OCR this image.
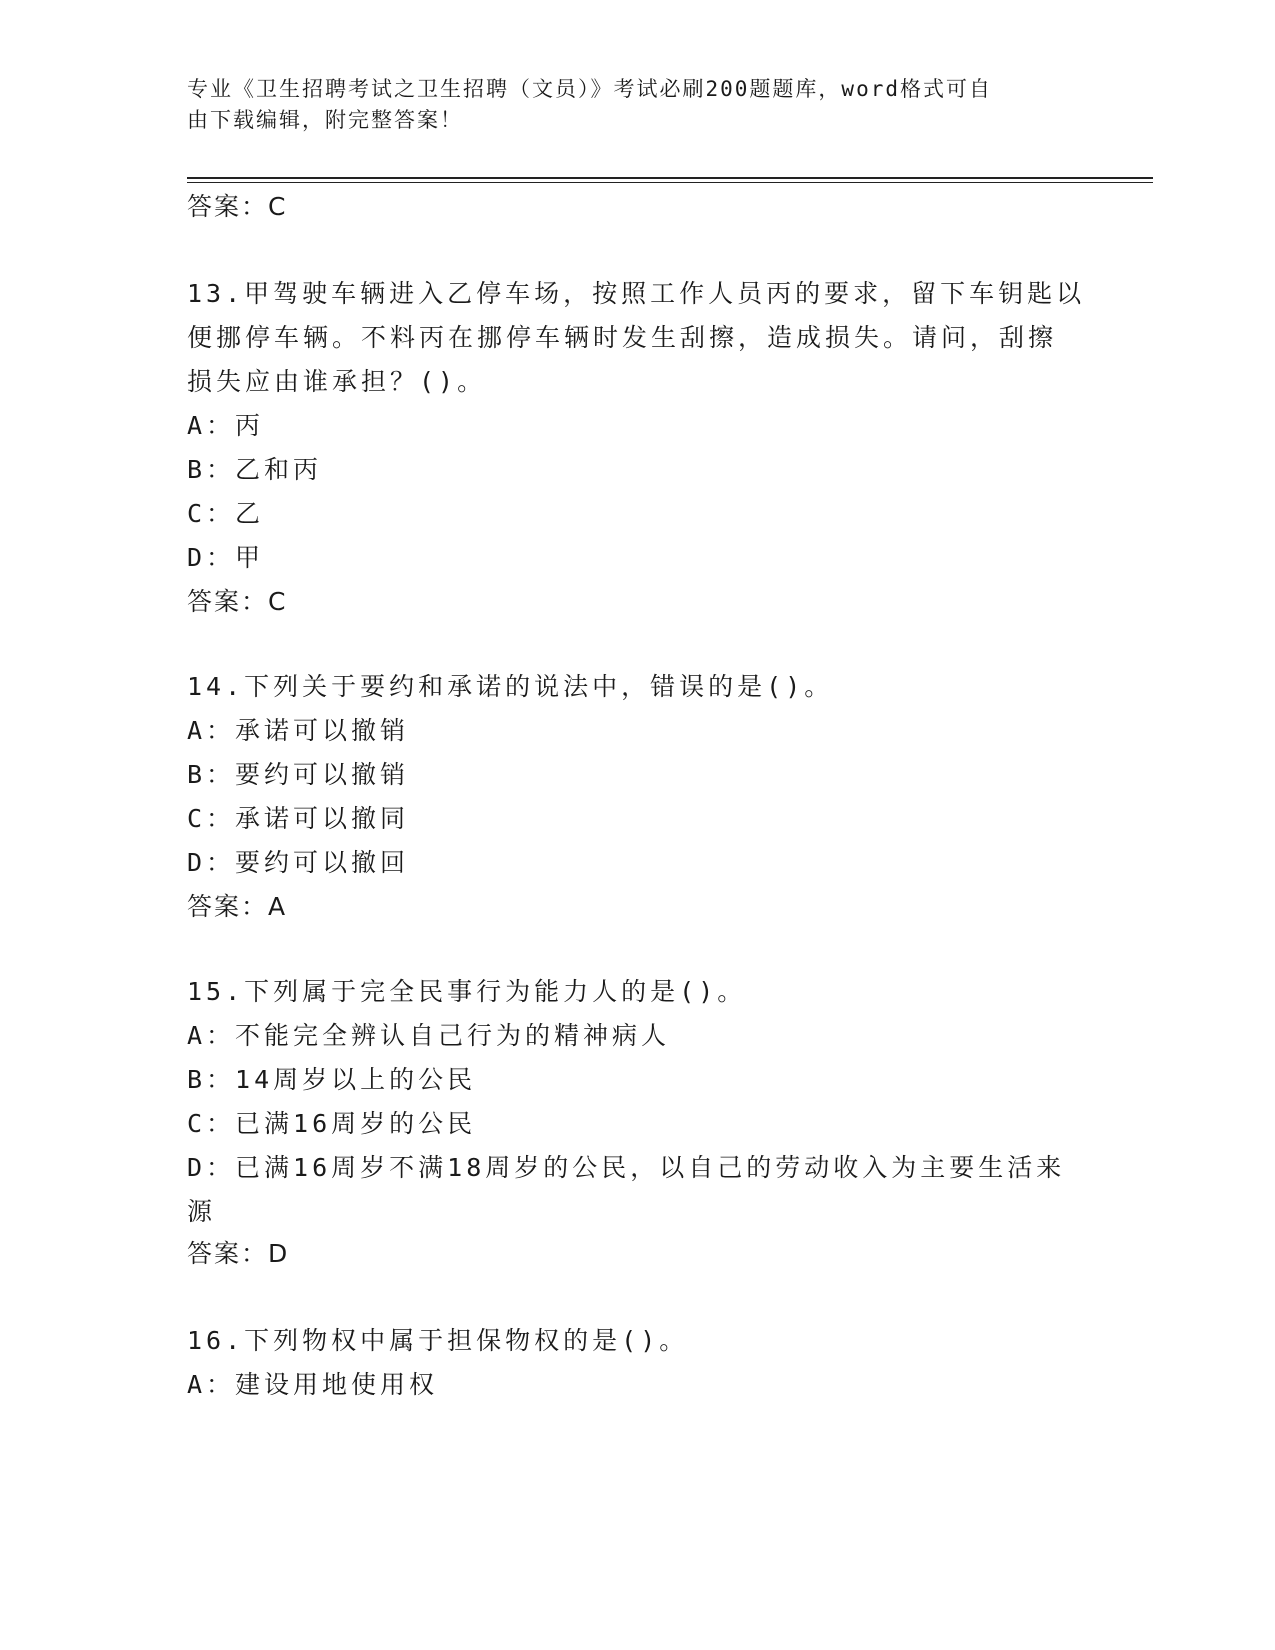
专业《卫生招聘考试之卫生招聘（文员）》考试必刷200题题库，word格式可自
由下载编辑，附完整答案！
答案：C
13.甲驾驶车辆进入乙停车场，按照工作人员丙的要求，留下车钥匙以
便挪停车辆。不料丙在挪停车辆时发生刮擦，造成损失。请问，刮擦
损失应由谁承担？()。
A：丙
B：乙和丙
C：乙
D：甲
答案：C
14.下列关于要约和承诺的说法中，错误的是()。
A：承诺可以撤销
B：要约可以撤销
C：承诺可以撤同
D：要约可以撤回
答案：A
15.下列属于完全民事行为能力人的是()。
A：不能完全辨认自己行为的精神病人
B：14周岁以上的公民
C：已满16周岁的公民
D：已满16周岁不满18周岁的公民，以自己的劳动收入为主要生活来
源
答案：D
16.下列物权中属于担保物权的是()。
A：建设用地使用权
